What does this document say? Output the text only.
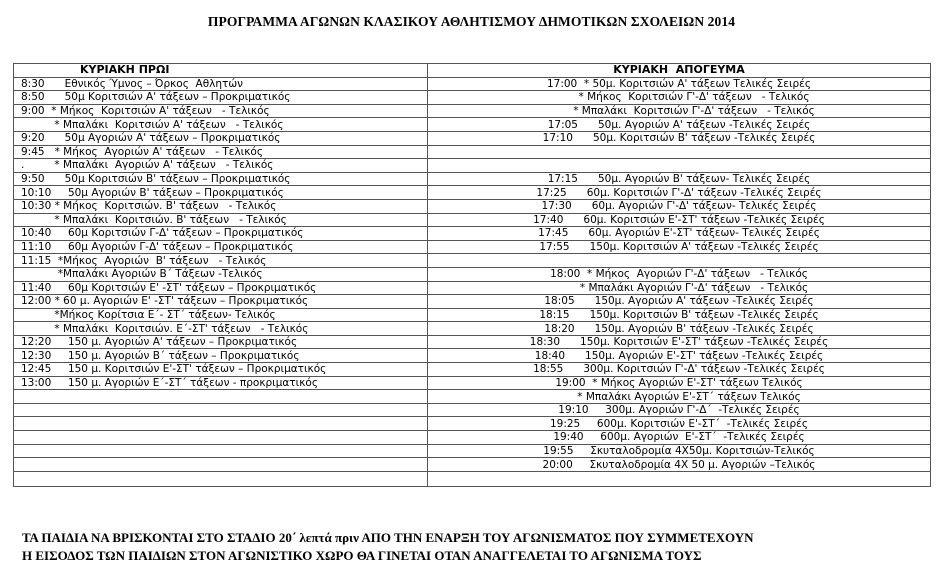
ΠΡΟΓΡΑΜΜΑ ΑΓΩΝΩΝ ΚΛΑΣΙΚΟΥ ΑΘΛΗΤΙΣΜΟΥ ΔΗΜΟΤΙΚΩΝ ΣΧΟΛΕΙΩΝ 2014
ΚΥΡΙΑΚΗ ΠΡΩΙ	ΚΥΡΙΑΚΗ  ΑΠΟΓΕΥΜΑ
8:30      Εθνικός Ύμνος – Όρκος  Αθλητών	17:00  * 50μ. Κοριτσιών Α' τάξεων Τελικές Σειρές
8:50      50μ Κοριτσιών Α' τάξεων – Προκριματικός	* Μήκος  Κοριτσιών Γ'-Δ' τάξεων   - Τελικός
9:00  * Μήκος  Κοριτσιών Α' τάξεων   - Τελικός	* Μπαλάκι  Κοριτσιών Γ'-Δ' τάξεων   - Τελικός
* Μπαλάκι  Κοριτσιών Α' τάξεων   - Τελικός	17:05      50μ. Αγοριών Α' τάξεων -Τελικές Σειρές
9:20      50μ Αγοριών Α' τάξεων – Προκριματικός	17:10      50μ. Κοριτσιών Β' τάξεων -Τελικές Σειρές
9:45   * Μήκος  Αγοριών Α' τάξεων   - Τελικός	
.         * Μπαλάκι  Αγοριών Α' τάξεων   - Τελικός	
9:50      50μ Κοριτσιών Β' τάξεων – Προκριματικός	17:15      50μ. Αγοριών Β' τάξεων- Τελικές Σειρές
10:10     50μ Αγοριών Β' τάξεων – Προκριματικός	17:25      60μ. Κοριτσιών Γ'-Δ' τάξεων -Τελικές Σειρές
10:30 * Μήκος  Κοριτσιών. Β' τάξεων   - Τελικός	17:30      60μ. Αγοριών Γ'-Δ' τάξεων- Τελικές Σειρές
* Μπαλάκι  Κοριτσιών. Β' τάξεων   - Τελικός	17:40      60μ. Κοριτσιών Ε'-ΣΤ' τάξεων -Τελικές Σειρές
10:40     60μ Κοριτσιών Γ-Δ' τάξεων – Προκριματικός	17:45      60μ. Αγοριών Ε'-ΣΤ' τάξεων- Τελικές Σειρές
11:10     60μ Αγοριών Γ-Δ' τάξεων – Προκριματικός	17:55      150μ. Κοριτσιών Α' τάξεων -Τελικές Σειρές
11:15  *Μήκος  Αγοριών  Β' τάξεων   - Τελικός	
*Μπαλάκι Αγοριών Β΄ Τάξεων -Τελικός	18:00  * Μήκος  Αγοριών Γ'-Δ' τάξεων   - Τελικός
11:40     60μ Κοριτσιών Ε' -ΣΤ' τάξεων – Προκριματικός	* Μπαλάκι Αγοριών Γ'-Δ' τάξεων   - Τελικός
12:00 * 60 μ. Αγοριών Ε' -ΣΤ' τάξεων – Προκριματικός	18:05      150μ. Αγοριών Α' τάξεων -Τελικές Σειρές
*Μήκος Κορίτσια Ε΄- ΣΤ΄ τάξεων- Τελικός	18:15      150μ. Κοριτσιών Β' τάξεων -Τελικές Σειρές
* Μπαλάκι  Κοριτσιών. Ε΄-ΣΤ' τάξεων   - Τελικός	18:20      150μ. Αγοριών Β' τάξεων -Τελικές Σειρές
12:20     150 μ. Αγοριών Α' τάξεων – Προκριματικός	18:30      150μ. Κοριτσιών Ε'-ΣΤ' τάξεων -Τελικές Σειρές
12:30     150 μ. Αγοριών Β΄ τάξεων – Προκριματικός	18:40      150μ. Αγοριών Ε'-ΣΤ' τάξεων -Τελικές Σειρές
12:45     150 μ. Κοριτσιών Ε'-ΣΤ' τάξεων – Προκριματικός	18:55      300μ. Κοριτσιών Γ'-Δ' τάξεων -Τελικές Σειρές
13:00     150 μ. Αγοριών Ε΄-ΣΤ΄ τάξεων - προκριματικός	19:00  * Μήκος Αγοριών Ε'-ΣΤ' τάξεων Τελικός
	* Μπαλάκι Αγοριών Ε'-ΣΤ΄ τάξεων Τελικός
	19:10     300μ. Αγοριών Γ'-Δ΄  -Τελικές Σειρές
	19:25     600μ. Κοριτσιών Ε'-ΣΤ΄  -Τελικές Σειρές
	19:40     600μ. Αγοριών  Ε'-ΣΤ΄  -Τελικές Σειρές
	19:55     Σκυταλοδρομία 4Χ50μ. Κοριτσιών-Τελικός
	20:00     Σκυταλοδρομία 4Χ 50 μ. Αγοριών –Τελικός

ΤΑ ΠΑΙΔΙΑ ΝΑ ΒΡΙΣΚΟΝΤΑΙ ΣΤΟ ΣΤΑΔΙΟ 20΄ λεπτά πριν ΑΠΟ ΤΗΝ ΕΝΑΡΞΗ ΤΟΥ ΑΓΩΝΙΣΜΑΤΟΣ ΠΟΥ ΣΥΜΜΕΤΕΧΟΥΝ
Η ΕΙΣΟΔΟΣ ΤΩΝ ΠΑΙΔΙΩΝ ΣΤΟΝ ΑΓΩΝΙΣΤΙΚΟ ΧΩΡΟ ΘΑ ΓΙΝΕΤΑΙ ΟΤΑΝ ΑΝΑΓΓΕΛΕΤΑΙ ΤΟ ΑΓΩΝΙΣΜΑ ΤΟΥΣ
